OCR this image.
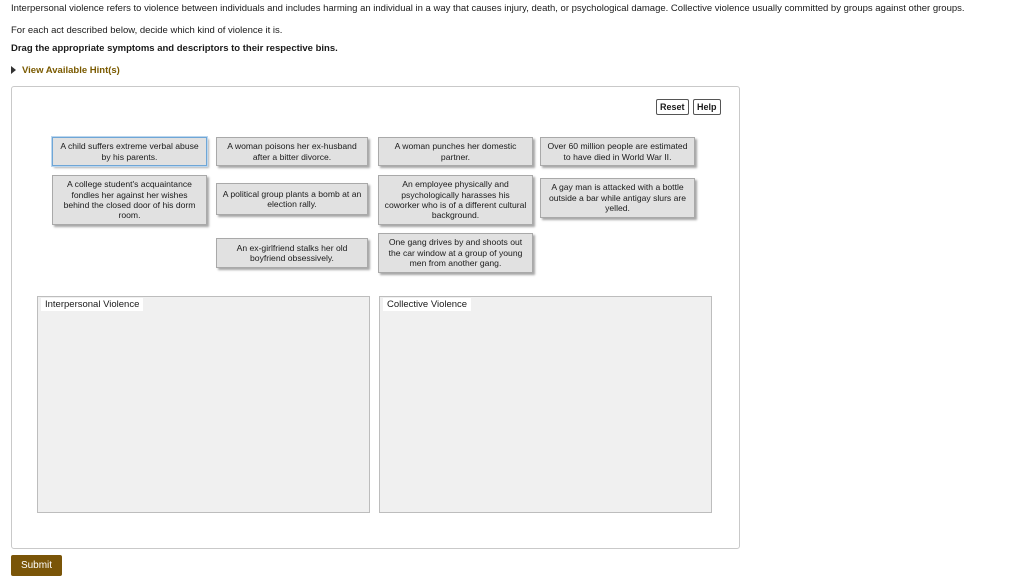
Interpersonal violence refers to violence between individuals and includes harming an individual in a way that causes injury, death, or psychological damage. Collective violence usually committed by groups against other groups.
For each act described below, decide which kind of violence it is.
Drag the appropriate symptoms and descriptors to their respective bins.
View Available Hint(s)
Reset	Help
A child suffers extreme verbal abuse by his parents.
A woman poisons her ex-husband after a bitter divorce.
A woman punches her domestic partner.
Over 60 million people are estimated to have died in World War II.
A college student's acquaintance fondles her against her wishes behind the closed door of his dorm room.
A political group plants a bomb at an election rally.
An employee physically and psychologically harasses his coworker who is of a different cultural background.
A gay man is attacked with a bottle outside a bar while antigay slurs are yelled.
An ex-girlfriend stalks her old boyfriend obsessively.
One gang drives by and shoots out the car window at a group of young men from another gang.
Interpersonal Violence	Collective Violence
Submit
